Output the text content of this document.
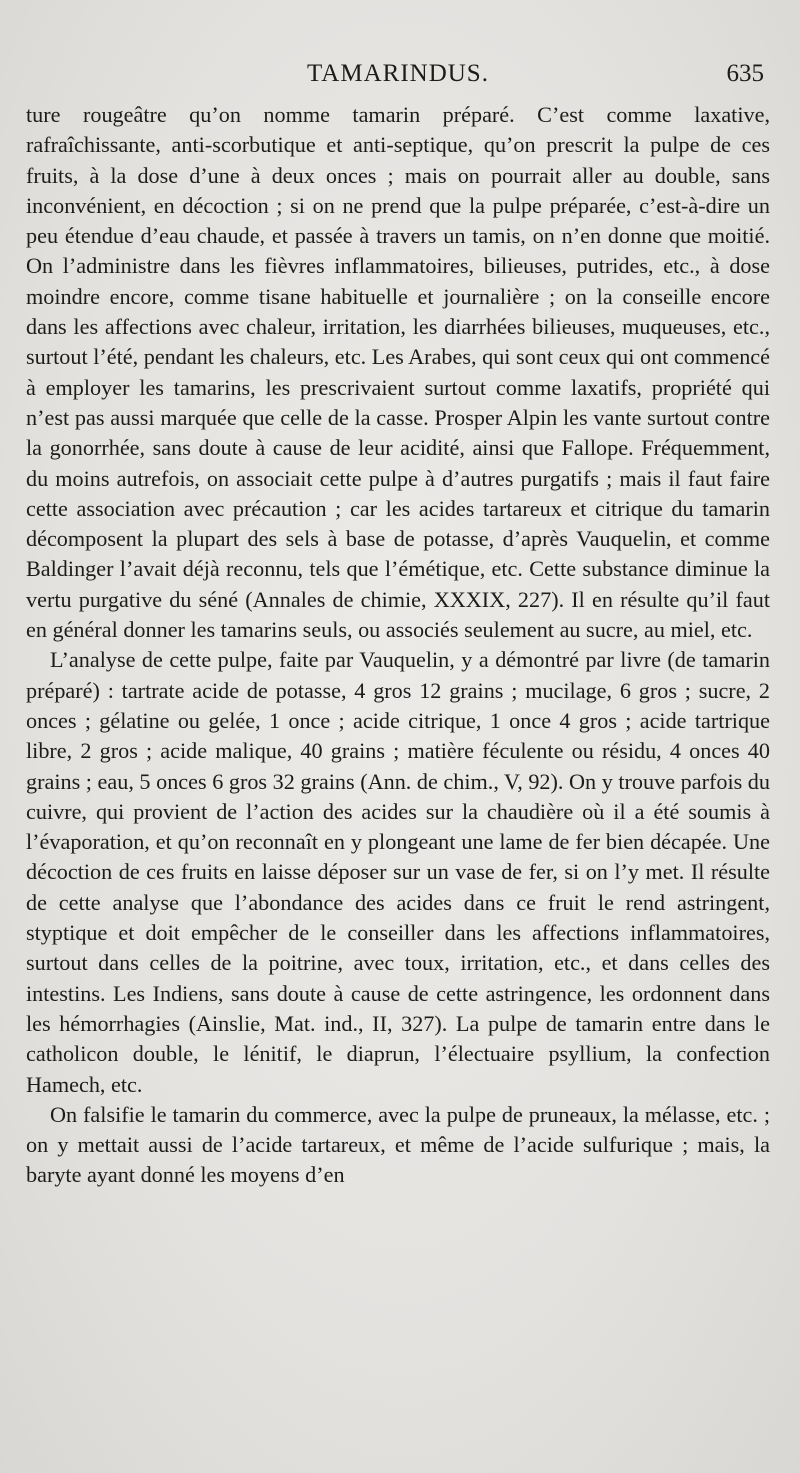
TAMARINDUS.	635

ture rougeâtre qu’on nomme tamarin préparé. C’est comme laxative, rafraîchissante, anti-scorbutique et anti-septique, qu’on prescrit la pulpe de ces fruits, à la dose d’une à deux onces ; mais on pourrait aller au double, sans inconvénient, en décoction ; si on ne prend que la pulpe préparée, c’est-à-dire un peu étendue d’eau chaude, et passée à travers un tamis, on n’en donne que moitié. On l’administre dans les fièvres inflammatoires, bilieuses, putrides, etc., à dose moindre encore, comme tisane habituelle et journalière ; on la conseille encore dans les affections avec chaleur, irritation, les diarrhées bilieuses, muqueuses, etc., surtout l’été, pendant les chaleurs, etc. Les Arabes, qui sont ceux qui ont commencé à employer les tamarins, les prescrivaient surtout comme laxatifs, propriété qui n’est pas aussi marquée que celle de la casse. Prosper Alpin les vante surtout contre la gonorrhée, sans doute à cause de leur acidité, ainsi que Fallope. Fréquemment, du moins autrefois, on associait cette pulpe à d’autres purgatifs ; mais il faut faire cette association avec précaution ; car les acides tartareux et citrique du tamarin décomposent la plupart des sels à base de potasse, d’après Vauquelin, et comme Baldinger l’avait déjà reconnu, tels que l’émétique, etc. Cette substance diminue la vertu purgative du séné (Annales de chimie, XXXIX, 227). Il en résulte qu’il faut en général donner les tamarins seuls, ou associés seulement au sucre, au miel, etc.

L’analyse de cette pulpe, faite par Vauquelin, y a démontré par livre (de tamarin préparé) : tartrate acide de potasse, 4 gros 12 grains ; mucilage, 6 gros ; sucre, 2 onces ; gélatine ou gelée, 1 once ; acide citrique, 1 once 4 gros ; acide tartrique libre, 2 gros ; acide malique, 40 grains ; matière féculente ou résidu, 4 onces 40 grains ; eau, 5 onces 6 gros 32 grains (Ann. de chim., V, 92). On y trouve parfois du cuivre, qui provient de l’action des acides sur la chaudière où il a été soumis à l’évaporation, et qu’on reconnaît en y plongeant une lame de fer bien décapée. Une décoction de ces fruits en laisse déposer sur un vase de fer, si on l’y met. Il résulte de cette analyse que l’abondance des acides dans ce fruit le rend astringent, styptique et doit empêcher de le conseiller dans les affections inflammatoires, surtout dans celles de la poitrine, avec toux, irritation, etc., et dans celles des intestins. Les Indiens, sans doute à cause de cette astringence, les ordonnent dans les hémorrhagies (Ainslie, Mat. ind., II, 327). La pulpe de tamarin entre dans le catholicon double, le lénitif, le diaprun, l’électuaire psyllium, la confection Hamech, etc.

On falsifie le tamarin du commerce, avec la pulpe de pruneaux, la mélasse, etc. ; on y mettait aussi de l’acide tartareux, et même de l’acide sulfurique ; mais, la baryte ayant donné les moyens d’en
